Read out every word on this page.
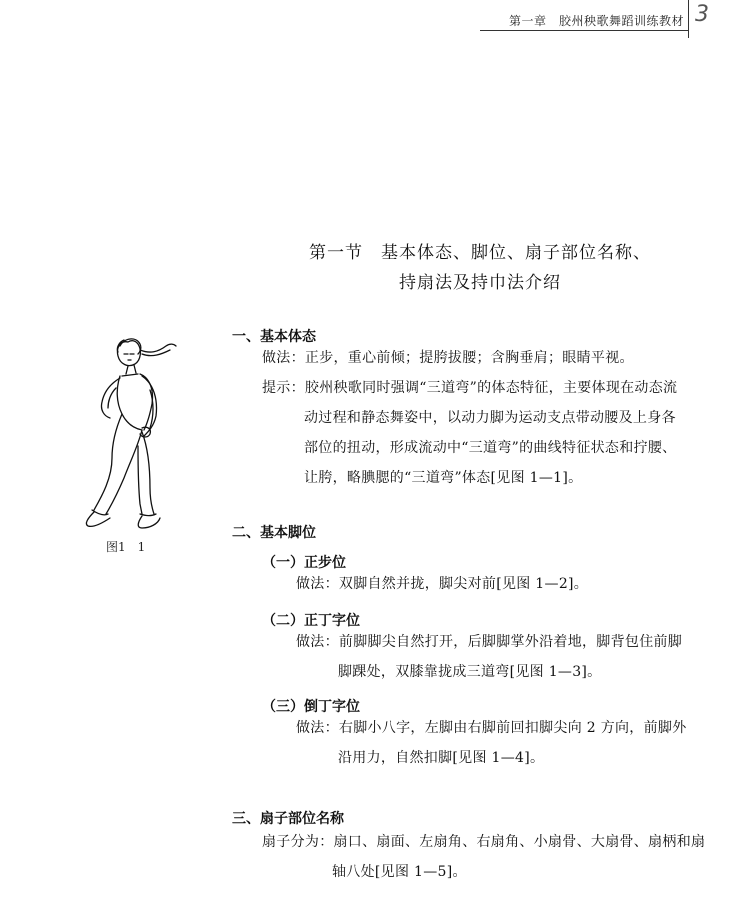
第一章　胶州秧歌舞蹈训练教材 3
第一节　基本体态、脚位、扇子部位名称、
持扇法及持巾法介绍
图1　1
一、基本体态
做法：正步，重心前倾；提胯拔腰；含胸垂肩；眼睛平视。
提示：胶州秧歌同时强调“三道弯”的体态特征，主要体现在动态流
动过程和静态舞姿中，以动力脚为运动支点带动腰及上身各
部位的扭动，形成流动中“三道弯”的曲线特征状态和拧腰、
让胯，略腆腮的“三道弯”体态[见图 1—1]。
二、基本脚位
（一）正步位
做法：双脚自然并拢，脚尖对前[见图 1—2]。
（二）正丁字位
做法：前脚脚尖自然打开，后脚脚掌外沿着地，脚背包住前脚
脚踝处，双膝靠拢成三道弯[见图 1—3]。
（三）倒丁字位
做法：右脚小八字，左脚由右脚前回扣脚尖向 2 方向，前脚外
沿用力，自然扣脚[见图 1—4]。
三、扇子部位名称
扇子分为：扇口、扇面、左扇角、右扇角、小扇骨、大扇骨、扇柄和扇
轴八处[见图 1—5]。
